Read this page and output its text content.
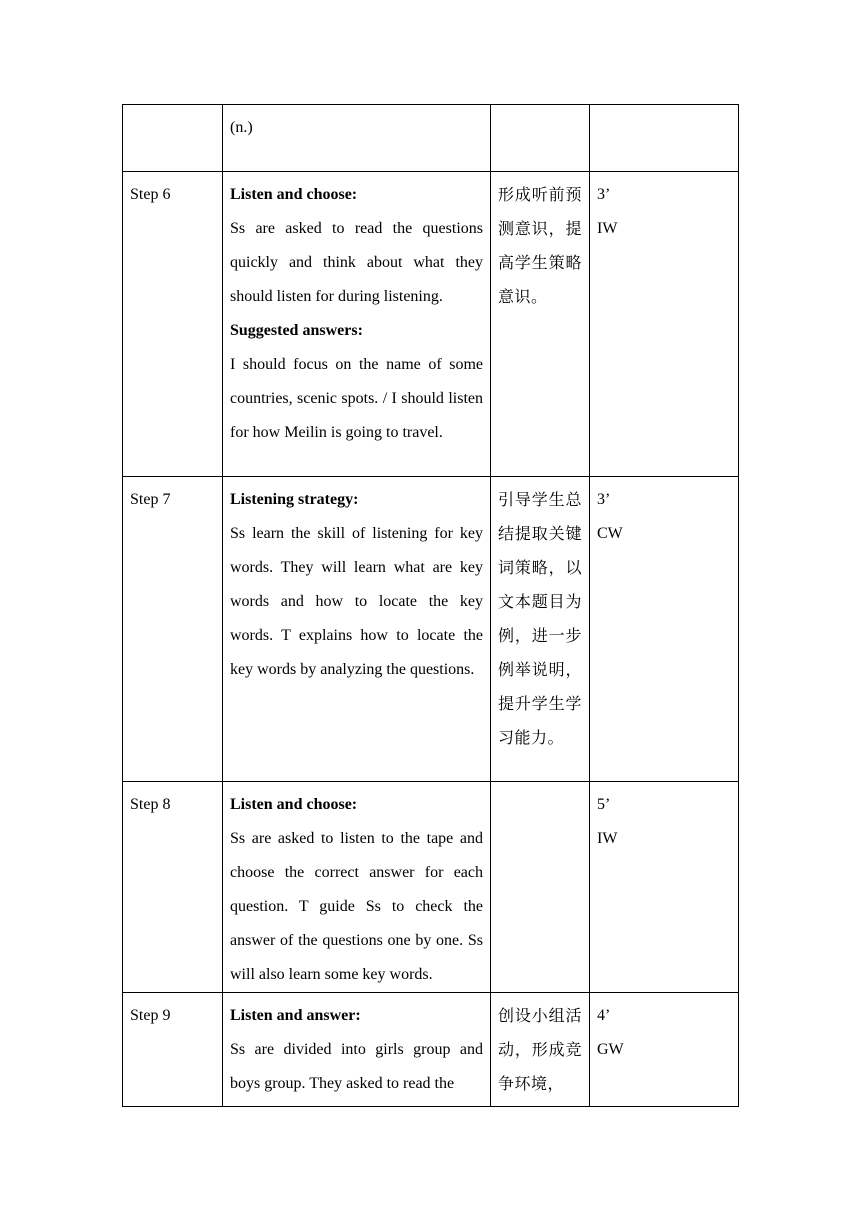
	(n.)		

Step 6	Listen and choose:
Ss are asked to read the questions quickly and think about what they should listen for during listening.
Suggested answers:
I should focus on the name of some countries, scenic spots. / I should listen for how Meilin is going to travel.	形成听前预测意识，提高学生策略意识。	3’
IW

Step 7	Listening strategy:
Ss learn the skill of listening for key words. They will learn what are key words and how to locate the key words. T explains how to locate the key words by analyzing the questions.	引导学生总结提取关键词策略，以文本题目为例，进一步例举说明，提升学生学习能力。	3’
CW

Step 8	Listen and choose:
Ss are asked to listen to the tape and choose the correct answer for each question. T guide Ss to check the answer of the questions one by one. Ss will also learn some key words.		5’
IW

Step 9	Listen and answer:
Ss are divided into girls group and boys group. They asked to read the	创设小组活动，形成竞争环境，	4’
GW
